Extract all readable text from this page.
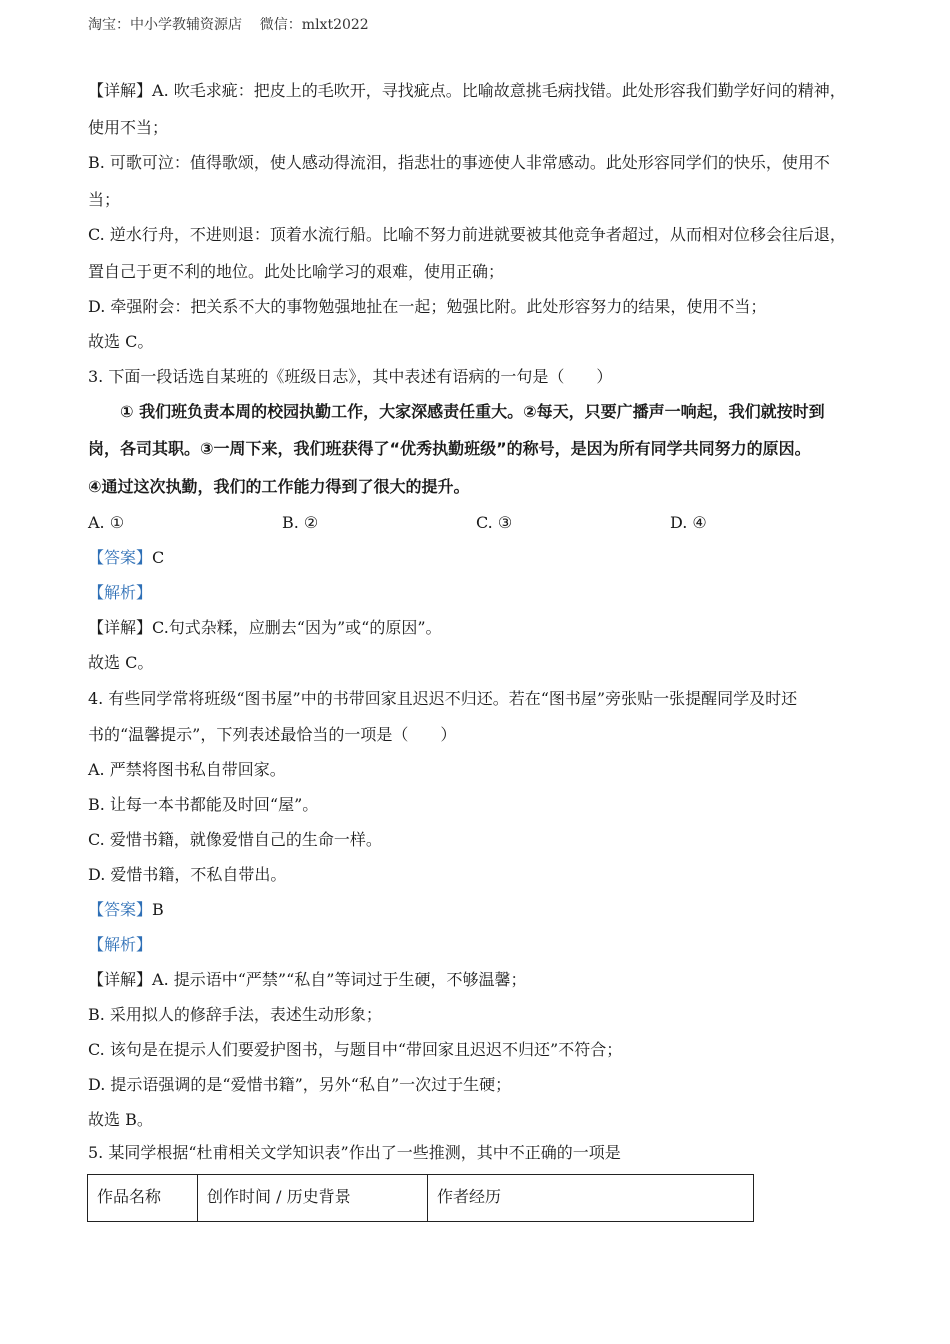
淘宝：中小学教辅资源店    微信：mlxt2022
【详解】A. 吹毛求疵：把皮上的毛吹开，寻找疵点。比喻故意挑毛病找错。此处形容我们勤学好问的精神，
使用不当；
B. 可歌可泣：值得歌颂，使人感动得流泪，指悲壮的事迹使人非常感动。此处形容同学们的快乐，使用不
当；
C. 逆水行舟，不进则退：顶着水流行船。比喻不努力前进就要被其他竞争者超过，从而相对位移会往后退，
置自己于更不利的地位。此处比喻学习的艰难，使用正确；
D. 牵强附会：把关系不大的事物勉强地扯在一起；勉强比附。此处形容努力的结果，使用不当；
故选 C。
3. 下面一段话选自某班的《班级日志》，其中表述有语病的一句是（　　）
① 我们班负责本周的校园执勤工作，大家深感责任重大。②每天，只要广播声一响起，我们就按时到
岗，各司其职。③一周下来，我们班获得了“优秀执勤班级”的称号，是因为所有同学共同努力的原因。
④通过这次执勤，我们的工作能力得到了很大的提升。
A. ①	B. ②	C. ③	D. ④
【答案】C
【解析】
【详解】C.句式杂糅，应删去“因为”或“的原因”。
故选 C。
4. 有些同学常将班级“图书屋”中的书带回家且迟迟不归还。若在“图书屋”旁张贴一张提醒同学及时还
书的“温馨提示”，下列表述最恰当的一项是（　　）
A. 严禁将图书私自带回家。
B. 让每一本书都能及时回“屋”。
C. 爱惜书籍，就像爱惜自己的生命一样。
D. 爱惜书籍，不私自带出。
【答案】B
【解析】
【详解】A. 提示语中“严禁”“私自”等词过于生硬，不够温馨；
B. 采用拟人的修辞手法，表述生动形象；
C. 该句是在提示人们要爱护图书，与题目中“带回家且迟迟不归还”不符合；
D. 提示语强调的是“爱惜书籍”，另外“私自”一次过于生硬；
故选 B。
5. 某同学根据“杜甫相关文学知识表”作出了一些推测，其中不正确的一项是
作品名称	创作时间 / 历史背景	作者经历
